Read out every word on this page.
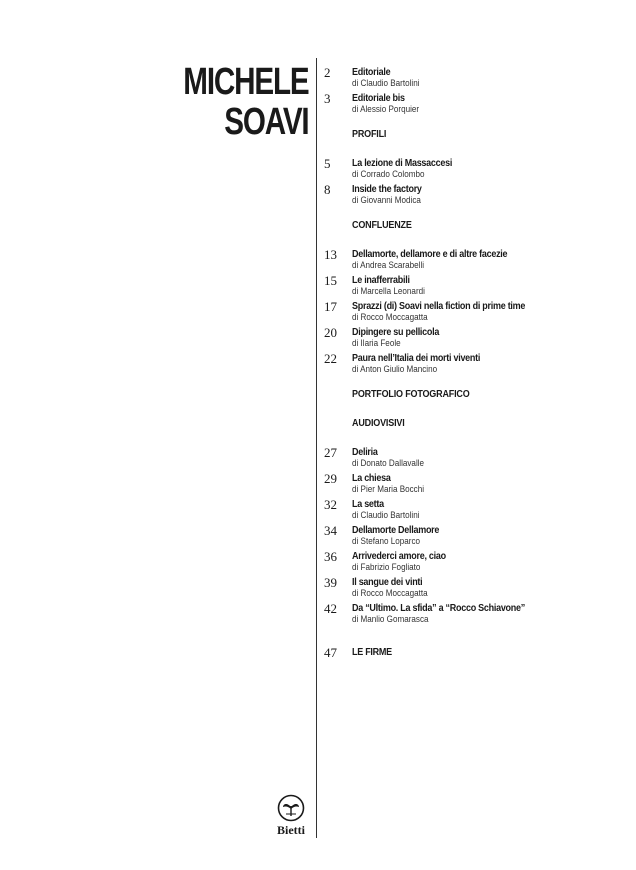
MICHELE
SOAVI
2	Editoriale
di Claudio Bartolini
3	Editoriale bis
di Alessio Porquier
PROFILI
5	La lezione di Massaccesi
di Corrado Colombo
8	Inside the factory
di Giovanni Modica
CONFLUENZE
13	Dellamorte, dellamore e di altre facezie
di Andrea Scarabelli
15	Le inafferrabili
di Marcella Leonardi
17	Sprazzi (di) Soavi nella fiction di prime time
di Rocco Moccagatta
20	Dipingere su pellicola
di Ilaria Feole
22	Paura nell’Italia dei morti viventi
di Anton Giulio Mancino
PORTFOLIO FOTOGRAFICO
AUDIOVISIVI
27	Deliria
di Donato Dallavalle
29	La chiesa
di Pier Maria Bocchi
32	La setta
di Claudio Bartolini
34	Dellamorte Dellamore
di Stefano Loparco
36	Arrivederci amore, ciao
di Fabrizio Fogliato
39	Il sangue dei vinti
di Rocco Moccagatta
42	Da “Ultimo. La sfida” a “Rocco Schiavone”
di Manlio Gomarasca
47	LE FIRME
Bietti
